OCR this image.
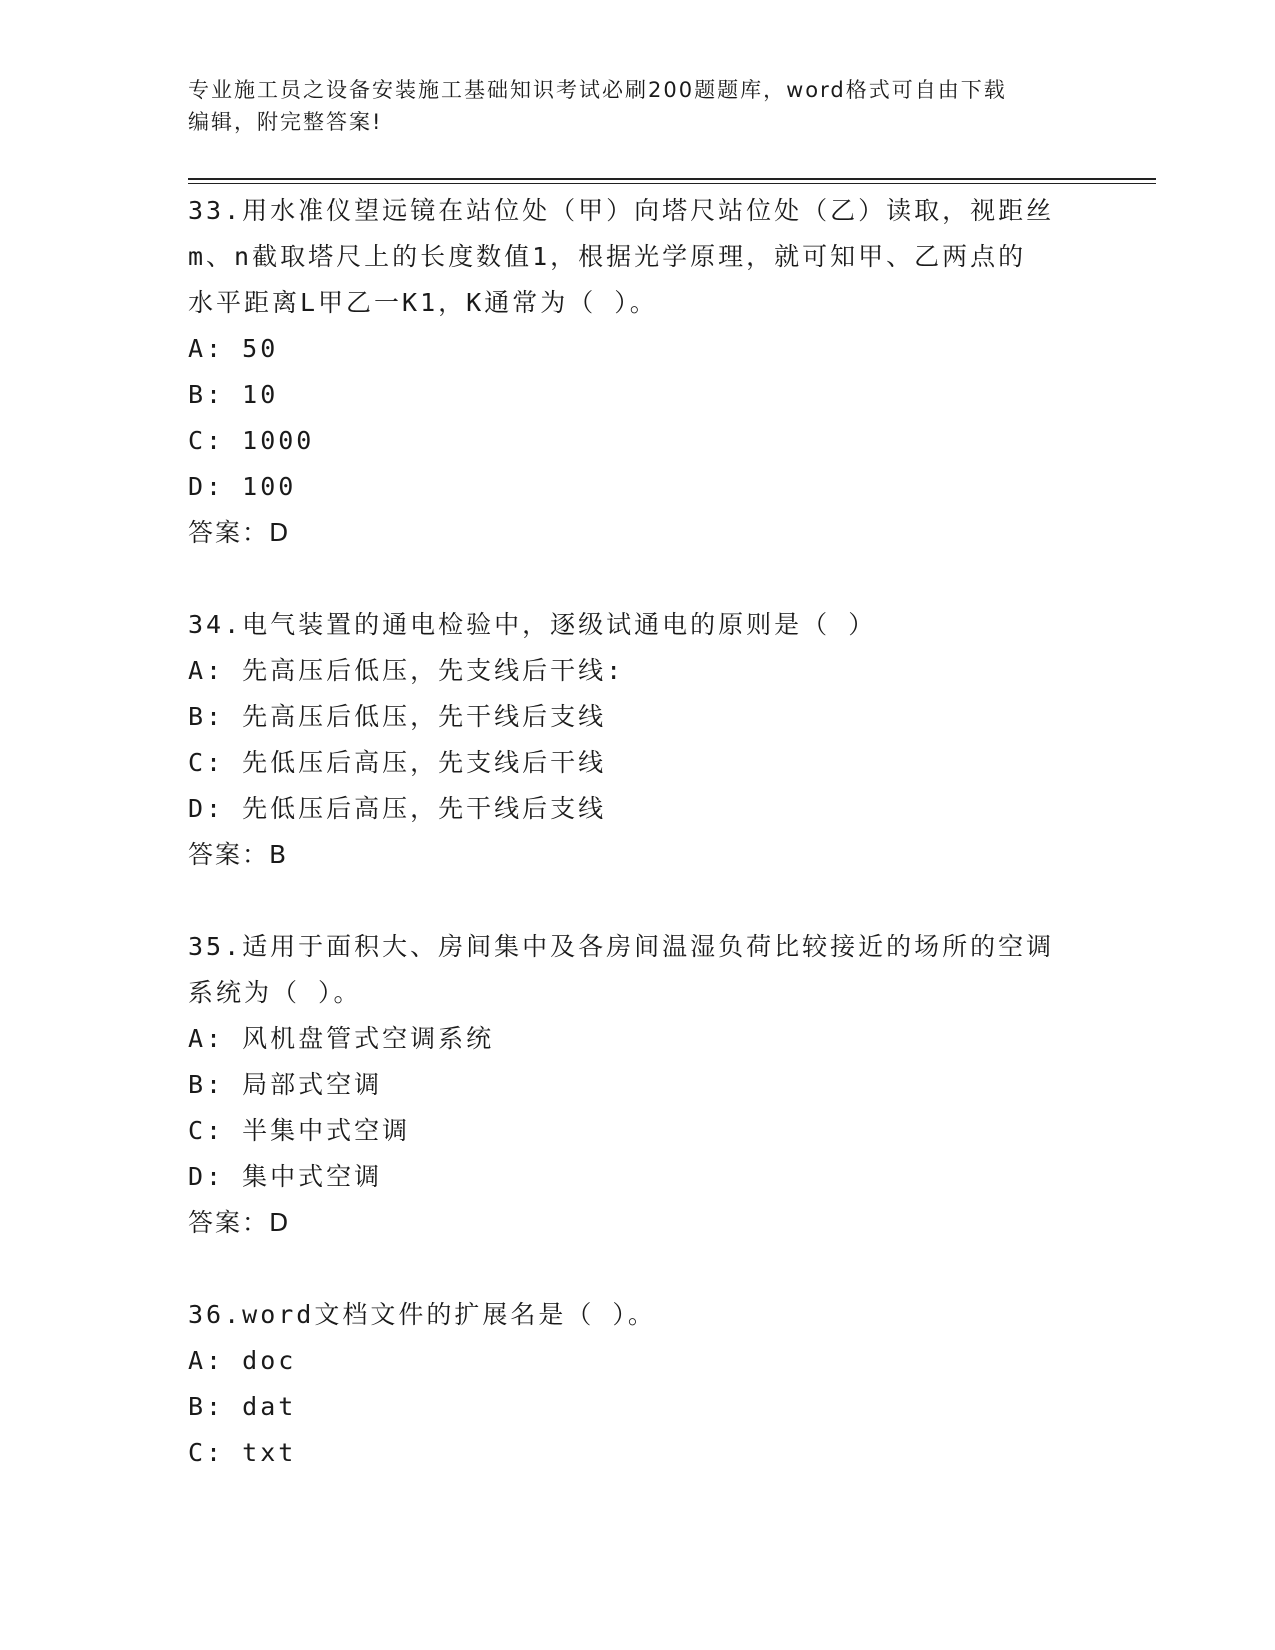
专业施工员之设备安装施工基础知识考试必刷200题题库，word格式可自由下载
编辑，附完整答案!

33.用水准仪望远镜在站位处（甲）向塔尺站位处（乙）读取，视距丝

m、n截取塔尺上的长度数值1，根据光学原理，就可知甲、乙两点的

水平距离L甲乙一K1，K通常为（ ）。

A: 50

B: 10

C: 1000

D: 100

答案：D

34.电气装置的通电检验中，逐级试通电的原则是（ ）

A: 先高压后低压，先支线后干线:

B: 先高压后低压，先干线后支线

C: 先低压后高压，先支线后干线

D: 先低压后高压，先干线后支线

答案：B

35.适用于面积大、房间集中及各房间温湿负荷比较接近的场所的空调

系统为（ ）。

A: 风机盘管式空调系统

B: 局部式空调

C: 半集中式空调

D: 集中式空调

答案：D

36.word文档文件的扩展名是（ ）。

A: doc

B: dat

C: txt
